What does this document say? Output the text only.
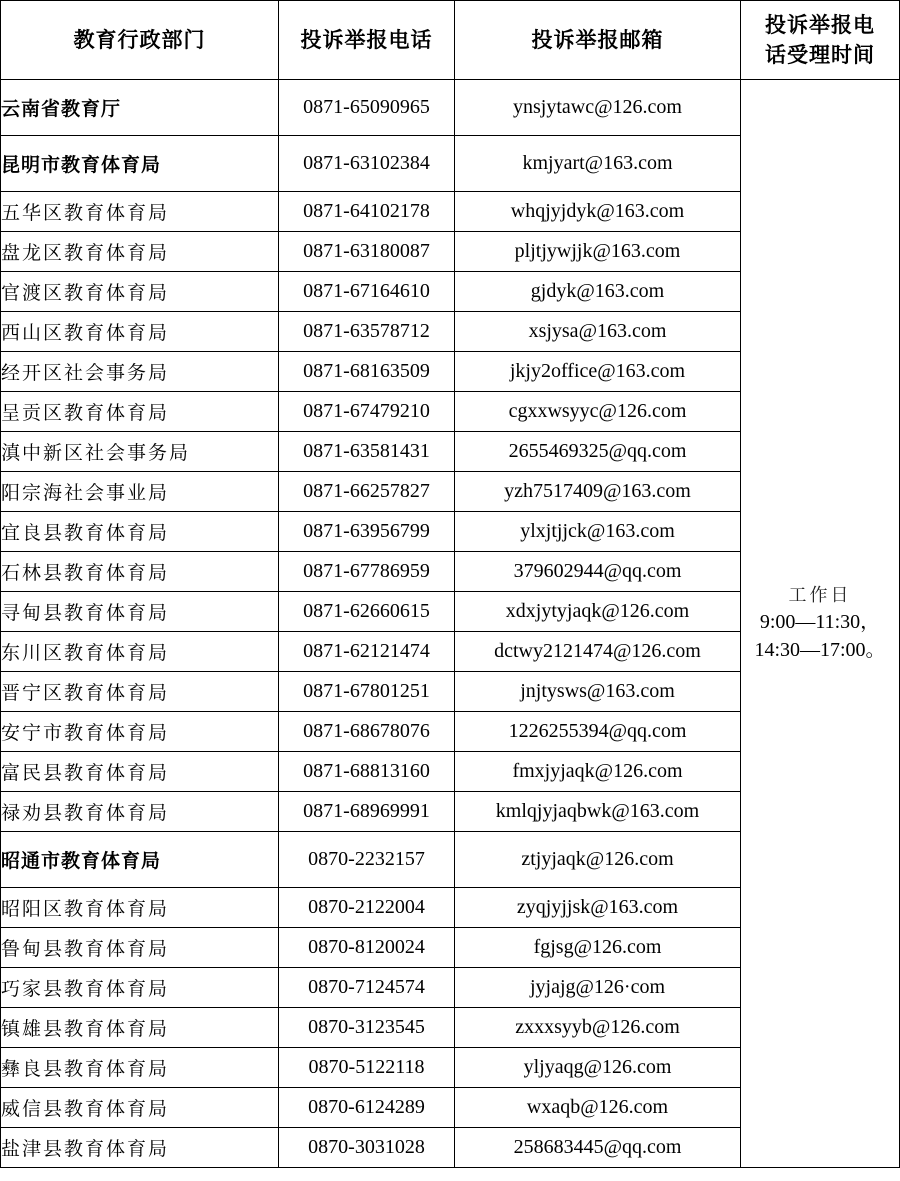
教育行政部门	投诉举报电话	投诉举报邮箱	投诉举报电
话受理时间
云南省教育厅	0871-65090965	ynsjytawc@126.com	工作日
9:00—11:30，
14:30—17:00。

昆明市教育体育局	0871-63102384	kmjyart@163.com	
五华区教育体育局	0871-64102178	whqjyjdyk@163.com	
盘龙区教育体育局	0871-63180087	pljtjywjjk@163.com	
官渡区教育体育局	0871-67164610	gjdyk@163.com	
西山区教育体育局	0871-63578712	xsjysa@163.com	
经开区社会事务局	0871-68163509	jkjy2office@163.com	
呈贡区教育体育局	0871-67479210	cgxxwsyyc@126.com	
滇中新区社会事务局	0871-63581431	2655469325@qq.com	
阳宗海社会事业局	0871-66257827	yzh7517409@163.com	
宜良县教育体育局	0871-63956799	ylxjtjjck@163.com	
石林县教育体育局	0871-67786959	379602944@qq.com	
寻甸县教育体育局	0871-62660615	xdxjytyjaqk@126.com	
东川区教育体育局	0871-62121474	dctwy2121474@126.com	
晋宁区教育体育局	0871-67801251	jnjtysws@163.com	
安宁市教育体育局	0871-68678076	1226255394@qq.com	
富民县教育体育局	0871-68813160	fmxjyjaqk@126.com	
禄劝县教育体育局	0871-68969991	kmlqjyjaqbwk@163.com	
昭通市教育体育局	0870-2232157	ztjyjaqk@126.com	
昭阳区教育体育局	0870-2122004	zyqjyjjsk@163.com	
鲁甸县教育体育局	0870-8120024	fgjsg@126.com	
巧家县教育体育局	0870-7124574	jyjajg@126·com	
镇雄县教育体育局	0870-3123545	zxxxsyyb@126.com	
彝良县教育体育局	0870-5122118	yljyaqg@126.com	
威信县教育体育局	0870-6124289	wxaqb@126.com	
盐津县教育体育局	0870-3031028	258683445@qq.com	
